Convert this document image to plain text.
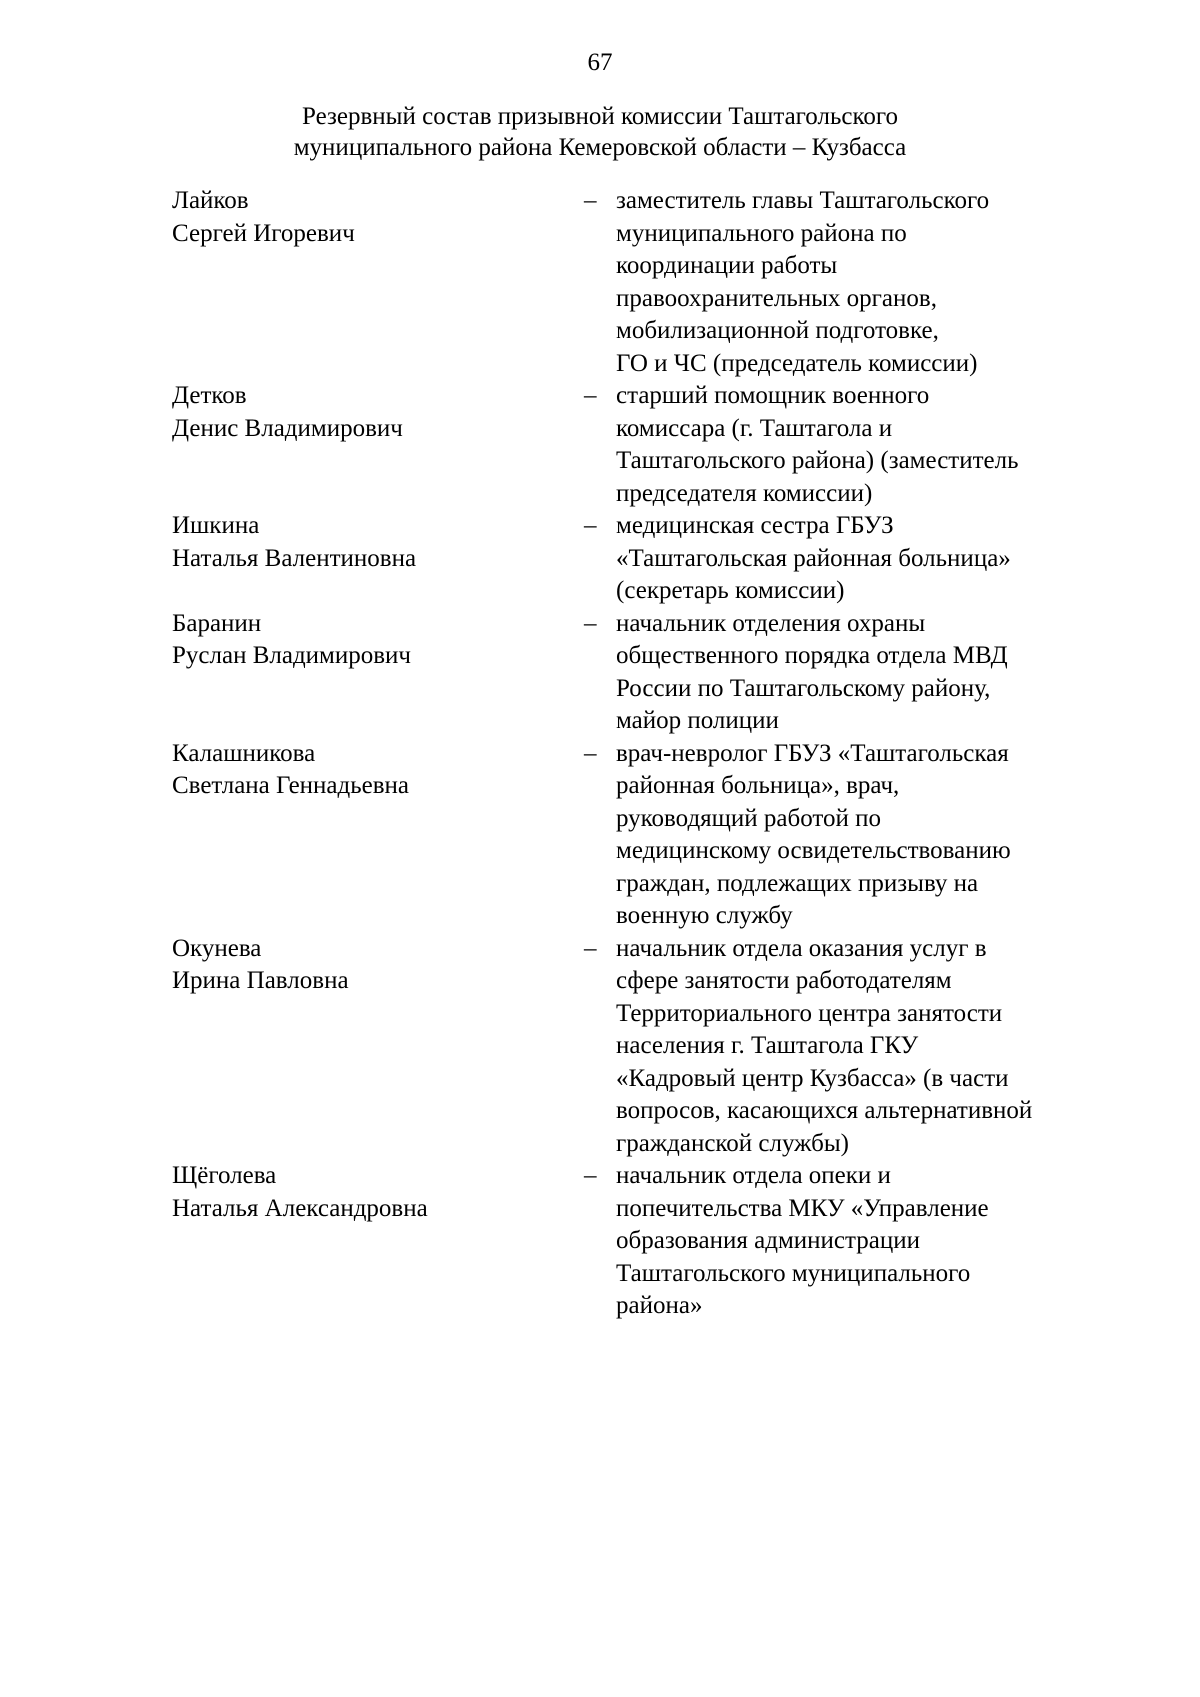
67
Резервный состав призывной комиссии Таштагольского
муниципального района Кемеровской области – Кузбасса
Лайков
Сергей Игоревич
– заместитель главы Таштагольского
муниципального района по
координации работы
правоохранительных органов,
мобилизационной подготовке,
ГО и ЧС (председатель комиссии)
Детков
Денис Владимирович
– старший помощник военного
комиссара (г. Таштагола и
Таштагольского района) (заместитель
председателя комиссии)
Ишкина
Наталья Валентиновна
– медицинская сестра ГБУЗ
«Таштагольская районная больница»
(секретарь комиссии)
Баранин
Руслан Владимирович
– начальник отделения охраны
общественного порядка отдела МВД
России по Таштагольскому району,
майор полиции
Калашникова
Светлана Геннадьевна
– врач-невролог ГБУЗ «Таштагольская
районная больница», врач,
руководящий работой по
медицинскому освидетельствованию
граждан, подлежащих призыву на
военную службу
Окунева
Ирина Павловна
– начальник отдела оказания услуг в
сфере занятости работодателям
Территориального центра занятости
населения г. Таштагола ГКУ
«Кадровый центр Кузбасса» (в части
вопросов, касающихся альтернативной
гражданской службы)
Щёголева
Наталья Александровна
– начальник отдела опеки и
попечительства МКУ «Управление
образования администрации
Таштагольского муниципального
района»
